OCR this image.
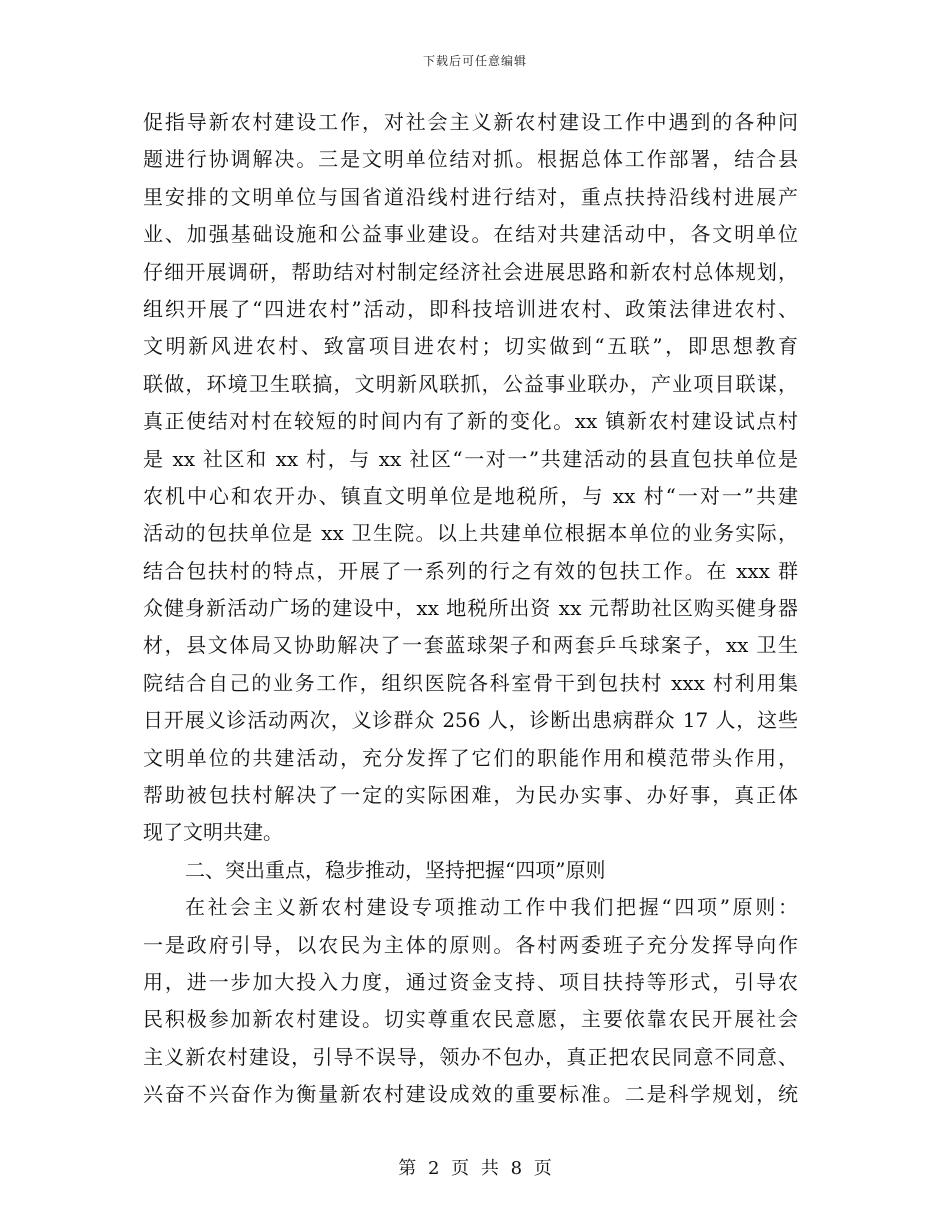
下载后可任意编辑
促指导新农村建设工作，对社会主义新农村建设工作中遇到的各种问
题进行协调解决。三是文明单位结对抓。根据总体工作部署，结合县
里安排的文明单位与国省道沿线村进行结对，重点扶持沿线村进展产
业、加强基础设施和公益事业建设。在结对共建活动中，各文明单位
仔细开展调研，帮助结对村制定经济社会进展思路和新农村总体规划，
组织开展了“四进农村”活动，即科技培训进农村、政策法律进农村、
文明新风进农村、致富项目进农村；切实做到“五联”，即思想教育
联做，环境卫生联搞，文明新风联抓，公益事业联办，产业项目联谋，
真正使结对村在较短的时间内有了新的变化。xx 镇新农村建设试点村
是 xx 社区和 xx 村，与 xx 社区“一对一”共建活动的县直包扶单位是
农机中心和农开办、镇直文明单位是地税所，与 xx 村“一对一”共建
活动的包扶单位是 xx 卫生院。以上共建单位根据本单位的业务实际，
结合包扶村的特点，开展了一系列的行之有效的包扶工作。在 xxx 群
众健身新活动广场的建设中，xx 地税所出资 xx 元帮助社区购买健身器
材，县文体局又协助解决了一套蓝球架子和两套乒乓球案子，xx 卫生
院结合自己的业务工作，组织医院各科室骨干到包扶村 xxx 村利用集
日开展义诊活动两次，义诊群众 256 人，诊断出患病群众 17 人，这些
文明单位的共建活动，充分发挥了它们的职能作用和模范带头作用，
帮助被包扶村解决了一定的实际困难，为民办实事、办好事，真正体
现了文明共建。
二、突出重点，稳步推动，坚持把握“四项”原则
在社会主义新农村建设专项推动工作中我们把握“四项”原则：
一是政府引导，以农民为主体的原则。各村两委班子充分发挥导向作
用，进一步加大投入力度，通过资金支持、项目扶持等形式，引导农
民积极参加新农村建设。切实尊重农民意愿，主要依靠农民开展社会
主义新农村建设，引导不误导，领办不包办，真正把农民同意不同意、
兴奋不兴奋作为衡量新农村建设成效的重要标准。二是科学规划，统
第 2 页 共 8 页
